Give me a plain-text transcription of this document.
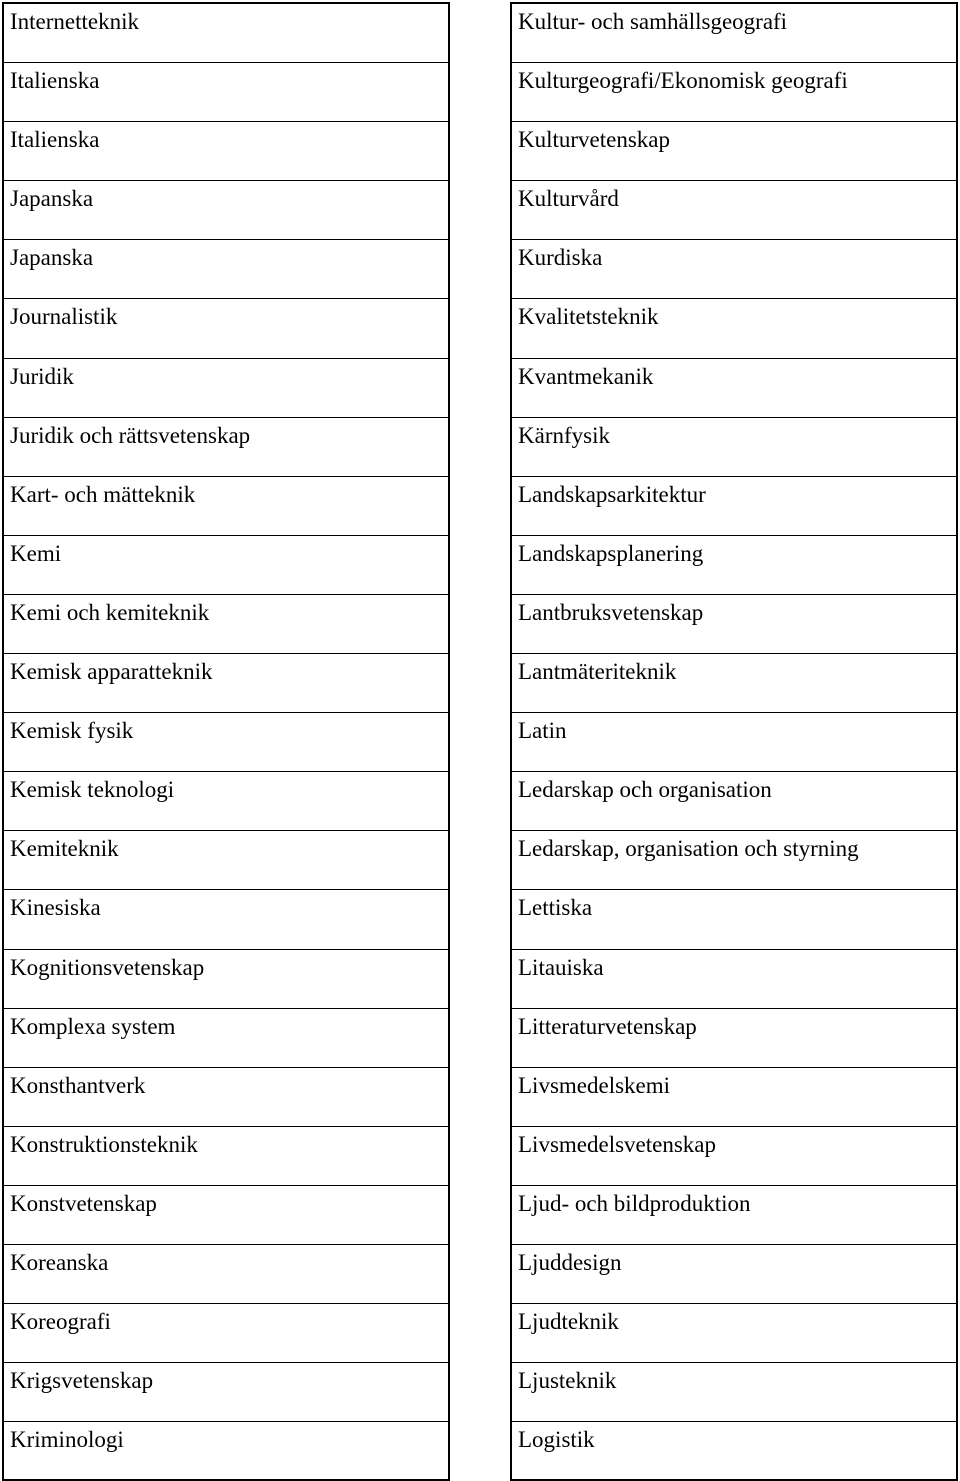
Internetteknik
Italienska
Italienska
Japanska
Japanska
Journalistik
Juridik
Juridik och rättsvetenskap
Kart- och mätteknik
Kemi
Kemi och kemiteknik
Kemisk apparatteknik
Kemisk fysik
Kemisk teknologi
Kemiteknik
Kinesiska
Kognitionsvetenskap
Komplexa system
Konsthantverk
Konstruktionsteknik
Konstvetenskap
Koreanska
Koreografi
Krigsvetenskap
Kriminologi
Kultur- och samhällsgeografi
Kulturgeografi/Ekonomisk geografi
Kulturvetenskap
Kulturvård
Kurdiska
Kvalitetsteknik
Kvantmekanik
Kärnfysik
Landskapsarkitektur
Landskapsplanering
Lantbruksvetenskap
Lantmäteriteknik
Latin
Ledarskap och organisation
Ledarskap, organisation och styrning
Lettiska
Litauiska
Litteraturvetenskap
Livsmedelskemi
Livsmedelsvetenskap
Ljud- och bildproduktion
Ljuddesign
Ljudteknik
Ljusteknik
Logistik
